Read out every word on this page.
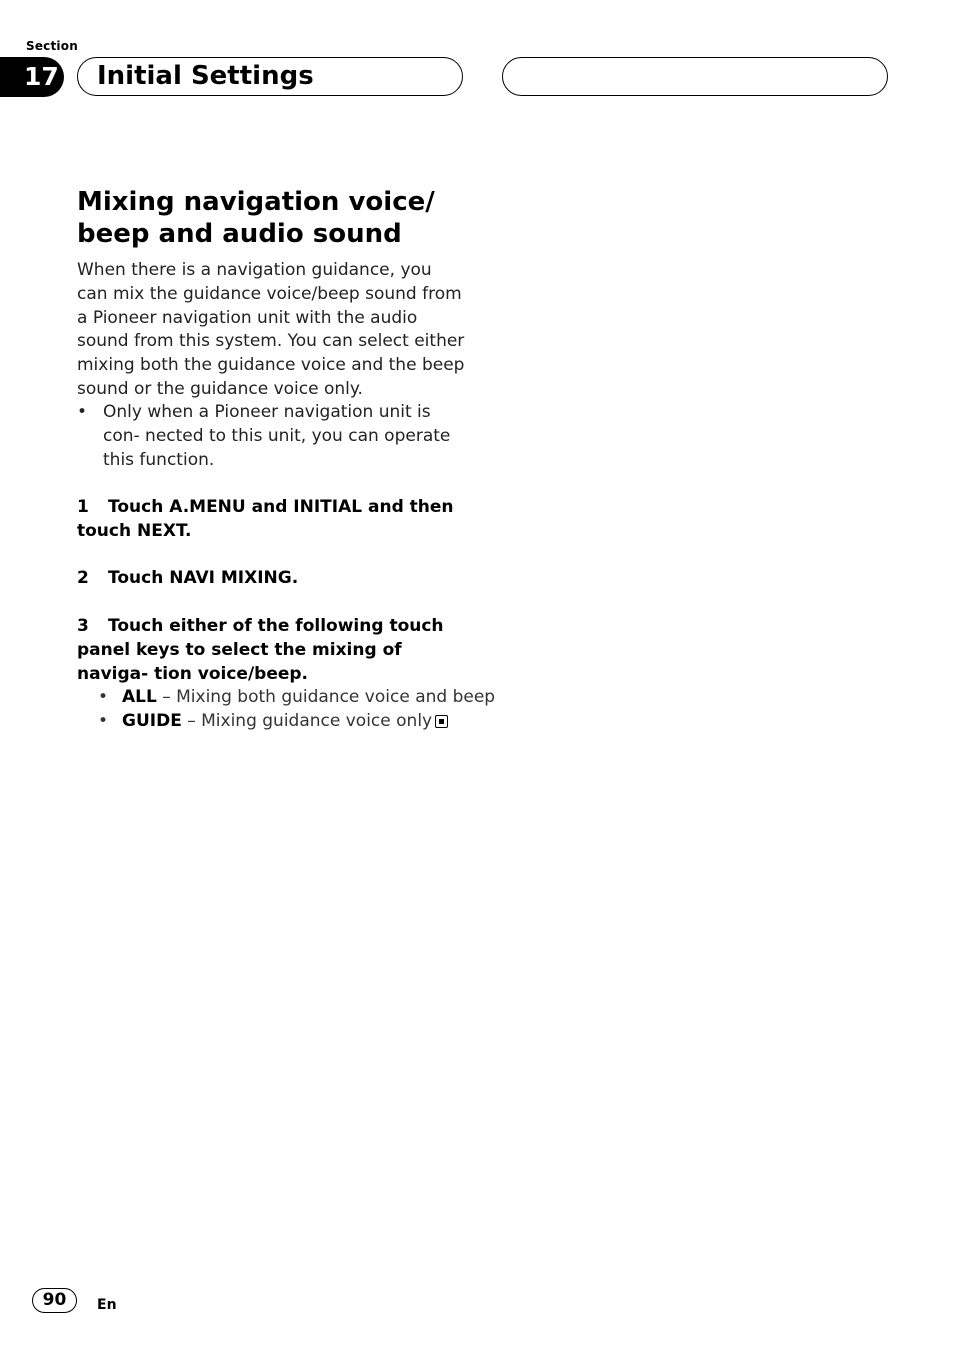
Section
17	Initial Settings
Mixing navigation voice/
beep and audio sound

When there is a navigation guidance, you can mix the guidance voice/beep sound from a Pioneer navigation unit with the audio sound from this system. You can select either mixing both the guidance voice and the beep sound or the guidance voice only.

• Only when a Pioneer navigation unit is con- nected to this unit, you can operate this function.

1 Touch A.MENU and INITIAL and then touch NEXT.

2 Touch NAVI MIXING.

3 Touch either of the following touch panel keys to select the mixing of naviga- tion voice/beep.

• ALL – Mixing both guidance voice and beep
• GUIDE – Mixing guidance voice only
90	En
